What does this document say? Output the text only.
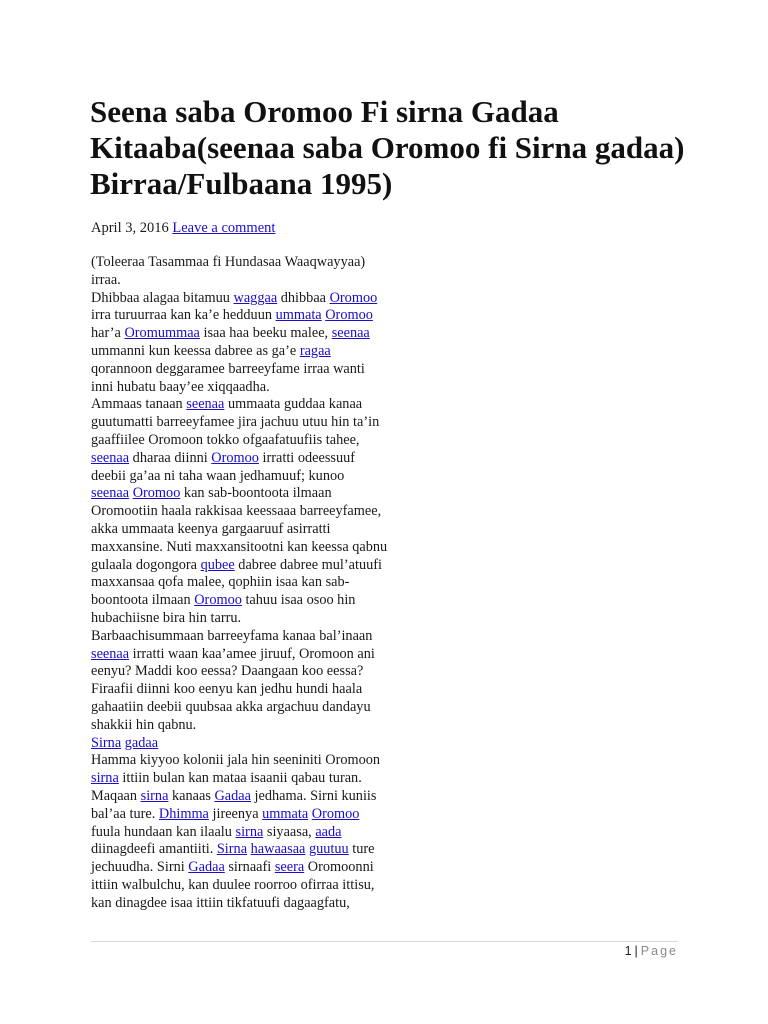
Seena saba Oromoo Fi sirna Gadaa Kitaaba(seenaa saba Oromoo fi Sirna gadaa) Birraa/Fulbaana 1995)

April 3, 2016 Leave a comment

(Toleeraa Tasammaa fi Hundasaa Waaqwayyaa)
irraa.
Dhibbaa alagaa bitamuu waggaa dhibbaa Oromoo
irra turuurraa kan ka’e hedduun ummata Oromoo
har’a Oromummaa isaa haa beeku malee, seenaa
ummanni kun keessa dabree as ga’e ragaa
qorannoon deggaramee barreeyfame irraa wanti
inni hubatu baay’ee xiqqaadha.
Ammaas tanaan seenaa ummaata guddaa kanaa
guutumatti barreeyfamee jira jachuu utuu hin ta’in
gaaffiilee Oromoon tokko ofgaafatuufiis tahee,
seenaa dharaa diinni Oromoo irratti odeessuuf
deebii ga’aa ni taha waan jedhamuuf; kunoo
seenaa Oromoo kan sab-boontoota ilmaan
Oromootiin haala rakkisaa keessaaa barreeyfamee,
akka ummaata keenya gargaaruuf asirratti
maxxansine. Nuti maxxansitootni kan keessa qabnu
gulaala dogongora qubee dabree dabree mul’atuufi
maxxansaa qofa malee, qophiin isaa kan sab-
boontoota ilmaan Oromoo tahuu isaa osoo hin
hubachiisne bira hin tarru.
Barbaachisummaan barreeyfama kanaa bal’inaan
seenaa irratti waan kaa’amee jiruuf, Oromoon ani
eenyu? Maddi koo eessa? Daangaan koo eessa?
Firaafii diinni koo eenyu kan jedhu hundi haala
gahaatiin deebii quubsaa akka argachuu dandayu
shakkii hin qabnu.
Sirna gadaa
Hamma kiyyoo kolonii jala hin seeniniti Oromoon
sirna ittiin bulan kan mataa isaanii qabau turan.
Maqaan sirna kanaas Gadaa jedhama. Sirni kuniis
bal’aa ture. Dhimma jireenya ummata Oromoo
fuula hundaan kan ilaalu sirna siyaasa, aada
diinagdeefi amantiiti. Sirna hawaasaa guutuu ture
jechuudha. Sirni Gadaa sirnaafi seera Oromoonni
ittiin walbulchu, kan duulee roorroo ofirraa ittisu,
kan dinagdee isaa ittiin tikfatuufi dagaagfatu,
1 | Page
